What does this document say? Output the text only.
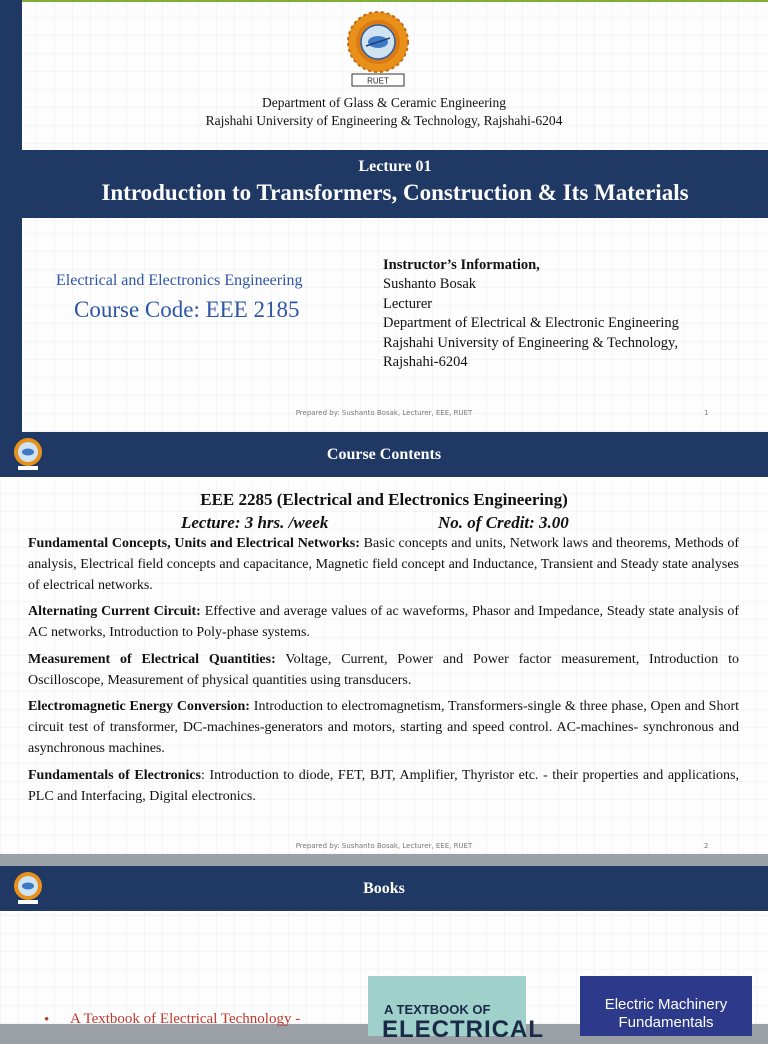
RUET
Department of Glass & Ceramic Engineering
Rajshahi University of Engineering & Technology, Rajshahi-6204
Lecture 01
Introduction to Transformers, Construction & Its Materials
Electrical and Electronics Engineering
Course Code: EEE 2185
Instructor’s Information,
Sushanto Bosak
Lecturer
Department of Electrical & Electronic Engineering
Rajshahi University of Engineering & Technology,
Rajshahi-6204
Prepared by: Sushanto Bosak, Lecturer, EEE, RUET	1
Course Contents
EEE 2285 (Electrical and Electronics Engineering)
Lecture: 3 hrs. /week	No. of Credit: 3.00
Fundamental Concepts, Units and Electrical Networks: Basic concepts and units, Network laws and theorems, Methods of analysis, Electrical field concepts and capacitance, Magnetic field concept and Inductance, Transient and Steady state analyses of electrical networks.
Alternating Current Circuit: Effective and average values of ac waveforms, Phasor and Impedance, Steady state analysis of AC networks, Introduction to Poly-phase systems.
Measurement of Electrical Quantities: Voltage, Current, Power and Power factor measurement, Introduction to Oscilloscope, Measurement of physical quantities using transducers.
Electromagnetic Energy Conversion: Introduction to electromagnetism, Transformers-single & three phase, Open and Short circuit test of transformer, DC-machines-generators and motors, starting and speed control. AC-machines- synchronous and asynchronous machines.
Fundamentals of Electronics: Introduction to diode, FET, BJT, Amplifier, Thyristor etc. - their properties and applications, PLC and Interfacing, Digital electronics.
Prepared by: Sushanto Bosak, Lecturer, EEE, RUET	2
Books
• A Textbook of Electrical Technology -
A TEXTBOOK OF
ELECTRICAL
Electric Machinery
Fundamentals
